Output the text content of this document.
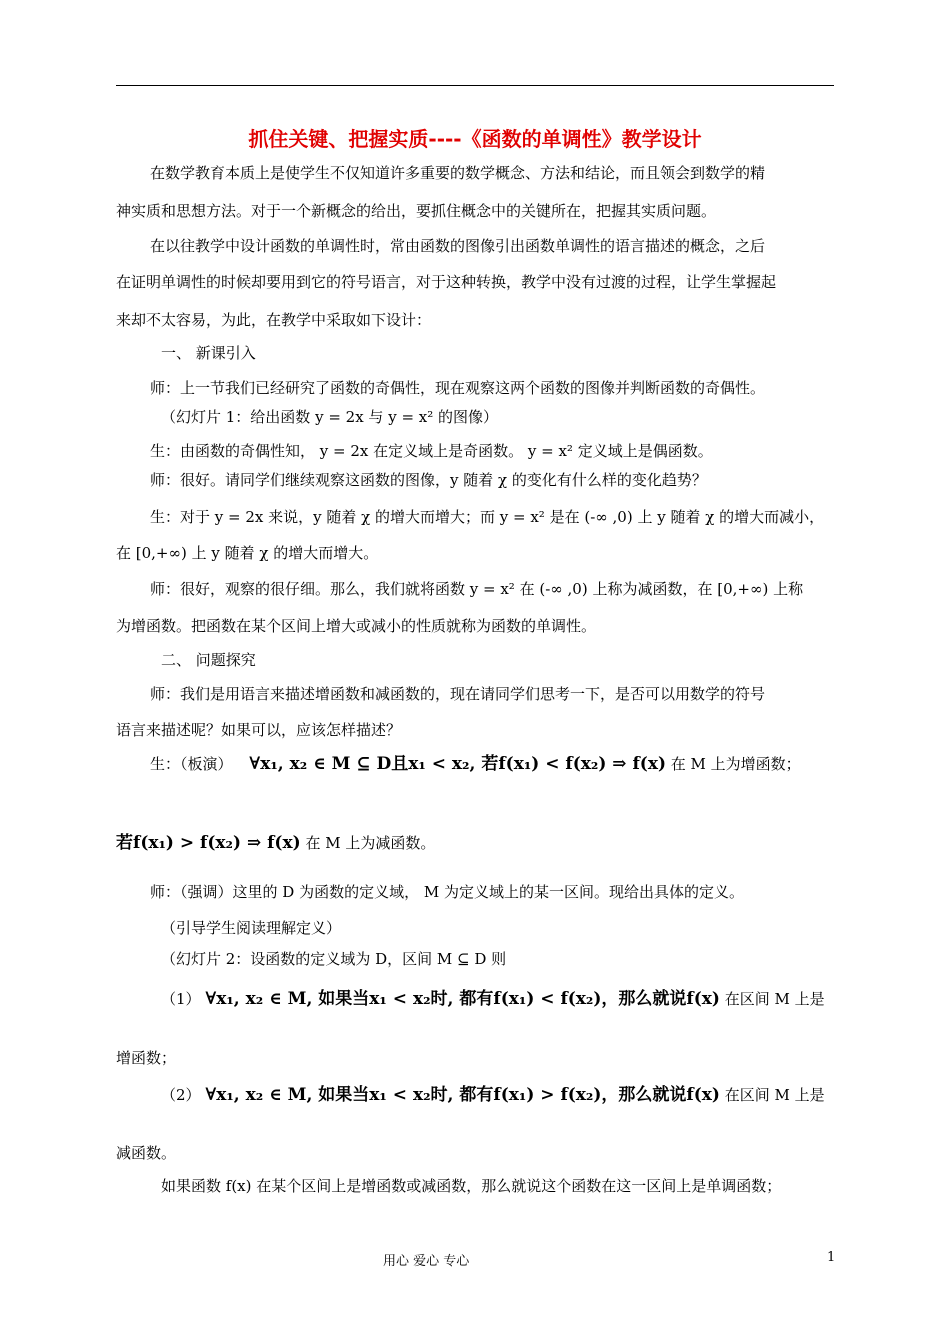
抓住关键、把握实质----《函数的单调性》教学设计
在数学教育本质上是使学生不仅知道许多重要的数学概念、方法和结论，而且领会到数学的精
神实质和思想方法。对于一个新概念的给出，要抓住概念中的关键所在，把握其实质问题。
在以往教学中设计函数的单调性时，常由函数的图像引出函数单调性的语言描述的概念，之后
在证明单调性的时候却要用到它的符号语言，对于这种转换，教学中没有过渡的过程，让学生掌握起
来却不太容易，为此，在教学中采取如下设计：
一、 新课引入
师：上一节我们已经研究了函数的奇偶性，现在观察这两个函数的图像并判断函数的奇偶性。
（幻灯片 1：给出函数 y = 2x 与 y = x² 的图像）
生：由函数的奇偶性知， y = 2x 在定义域上是奇函数。 y = x² 定义域上是偶函数。
师：很好。请同学们继续观察这函数的图像，y 随着 χ 的变化有什么样的变化趋势？
生：对于 y = 2x 来说，y 随着 χ 的增大而增大；而 y = x² 是在 (-∞ ,0) 上 y 随着 χ 的增大而减小，
在 [0,+∞) 上 y 随着 χ 的增大而增大。
师：很好，观察的很仔细。那么，我们就将函数 y = x² 在 (-∞ ,0) 上称为减函数，在 [0,+∞) 上称
为增函数。把函数在某个区间上增大或减小的性质就称为函数的单调性。
二、 问题探究
师：我们是用语言来描述增函数和减函数的，现在请同学们思考一下，是否可以用数学的符号
语言来描述呢？如果可以，应该怎样描述？
生：（板演） ∀x₁, x₂ ∈ M ⊆ D且x₁ < x₂, 若f(x₁) < f(x₂) ⇒ f(x) 在 M 上为增函数；
若f(x₁) > f(x₂) ⇒ f(x) 在 M 上为减函数。
师：（强调）这里的 D 为函数的定义域， M 为定义域上的某一区间。现给出具体的定义。
（引导学生阅读理解定义）
（幻灯片 2：设函数的定义域为 D，区间 M ⊆ D 则
（1） ∀x₁, x₂ ∈ M, 如果当x₁ < x₂时, 都有f(x₁) < f(x₂)，那么就说f(x) 在区间 M 上是
增函数；
（2） ∀x₁, x₂ ∈ M, 如果当x₁ < x₂时, 都有f(x₁) > f(x₂)，那么就说f(x) 在区间 M 上是
减函数。
如果函数 f(x) 在某个区间上是增函数或减函数，那么就说这个函数在这一区间上是单调函数；
用心 爱心 专心	1
